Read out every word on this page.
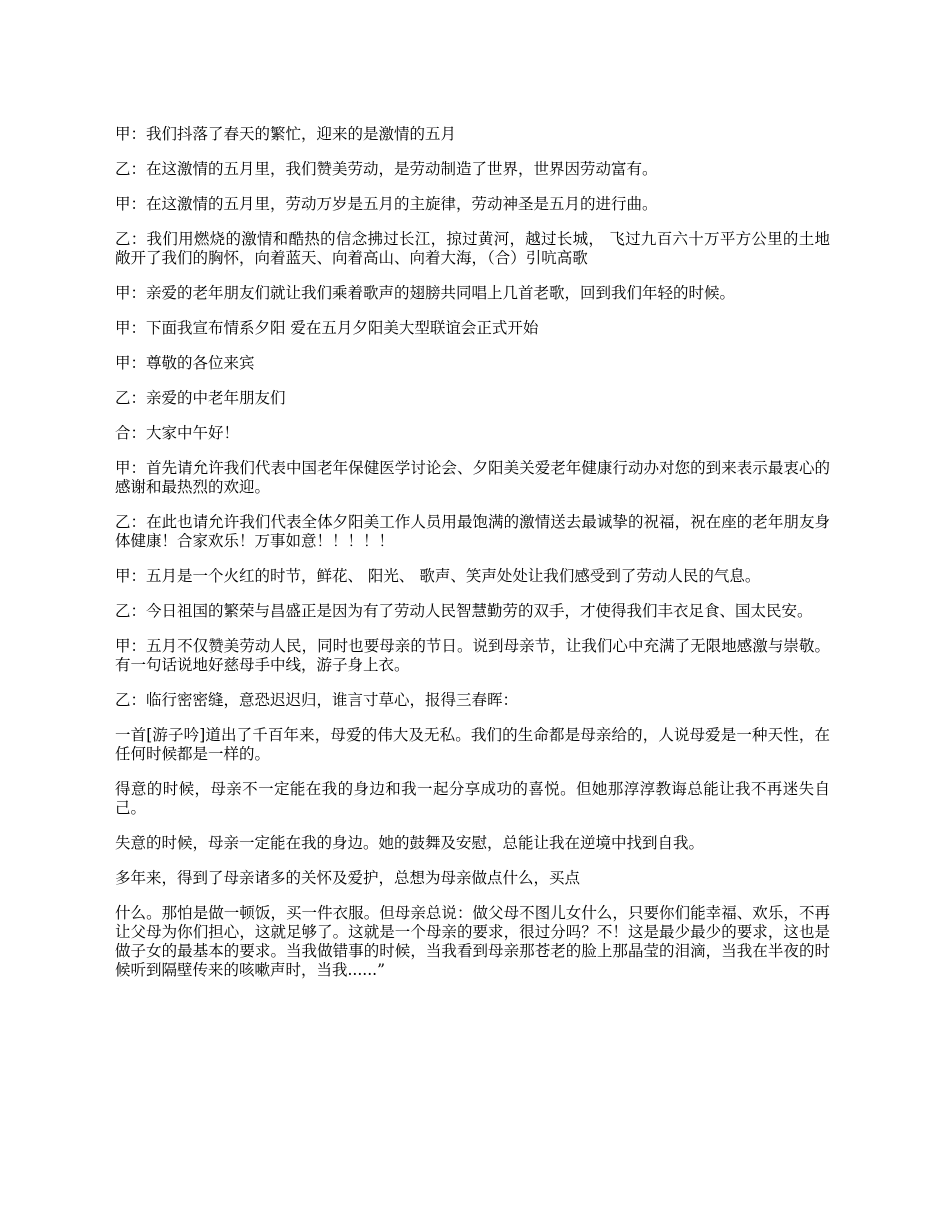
甲：我们抖落了春天的繁忙，迎来的是激情的五月

乙：在这激情的五月里，我们赞美劳动，是劳动制造了世界，世界因劳动富有。

甲：在这激情的五月里，劳动万岁是五月的主旋律，劳动神圣是五月的进行曲。

乙：我们用燃烧的激情和酷热的信念拂过长江，掠过黄河，越过长城， 飞过九百六十万平方公里的土地敞开了我们的胸怀，向着蓝天、向着高山、向着大海，（合）引吭高歌

甲：亲爱的老年朋友们就让我们乘着歌声的翅膀共同唱上几首老歌，回到我们年轻的时候。

甲：下面我宣布情系夕阳 爱在五月夕阳美大型联谊会正式开始

甲：尊敬的各位来宾

乙：亲爱的中老年朋友们

合：大家中午好！

甲：首先请允许我们代表中国老年保健医学讨论会、夕阳美关爱老年健康行动办对您的到来表示最衷心的感谢和最热烈的欢迎。

乙：在此也请允许我们代表全体夕阳美工作人员用最饱满的激情送去最诚挚的祝福，祝在座的老年朋友身体健康！合家欢乐！万事如意！！！！！

甲：五月是一个火红的时节，鲜花、 阳光、 歌声、笑声处处让我们感受到了劳动人民的气息。

乙：今日祖国的繁荣与昌盛正是因为有了劳动人民智慧勤劳的双手，才使得我们丰衣足食、国太民安。

甲：五月不仅赞美劳动人民，同时也要母亲的节日。说到母亲节，让我们心中充满了无限地感激与崇敬。有一句话说地好慈母手中线，游子身上衣。

乙：临行密密缝，意恐迟迟归，谁言寸草心，报得三春晖：

一首[游子吟]道出了千百年来，母爱的伟大及无私。我们的生命都是母亲给的，人说母爱是一种天性，在任何时候都是一样的。

得意的时候，母亲不一定能在我的身边和我一起分享成功的喜悦。但她那淳淳教诲总能让我不再迷失自己。

失意的时候，母亲一定能在我的身边。她的鼓舞及安慰，总能让我在逆境中找到自我。

多年来，得到了母亲诸多的关怀及爱护，总想为母亲做点什么，买点

什么。那怕是做一顿饭，买一件衣服。但母亲总说：做父母不图儿女什么，只要你们能幸福、欢乐，不再让父母为你们担心，这就足够了。这就是一个母亲的要求，很过分吗？不！这是最少最少的要求，这也是做子女的最基本的要求。当我做错事的时候，当我看到母亲那苍老的脸上那晶莹的泪滴，当我在半夜的时候听到隔壁传来的咳嗽声时，当我......”
